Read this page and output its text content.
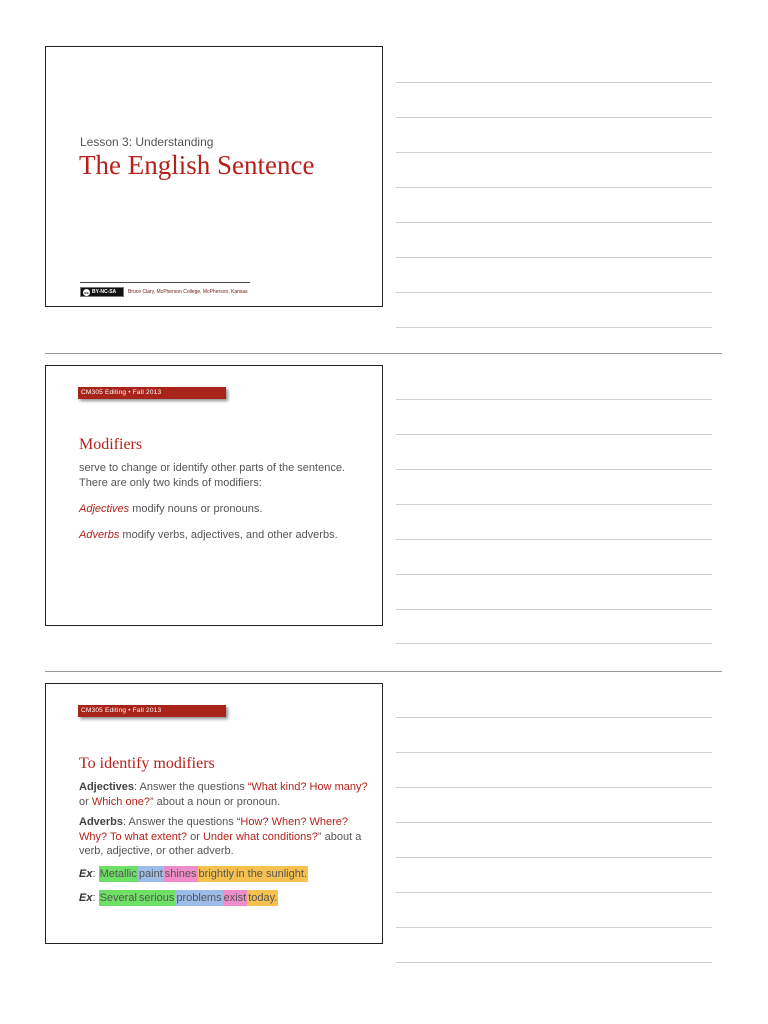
Lesson 3: Understanding
The English Sentence
cc BY-NC-SA Bruce Clary, McPherson College, McPherson, Kansas
CM305 Editing • Fall 2013
Modifiers

serve to change or identify other parts of the sentence. There are only two kinds of modifiers:

Adjectives modify nouns or pronouns.

Adverbs modify verbs, adjectives, and other adverbs.

CM305 Editing • Fall 2013
To identify modifiers

Adjectives: Answer the questions “What kind? How many? or Which one?” about a noun or pronoun.

Adverbs: Answer the questions “How? When? Where? Why? To what extent? or Under what conditions?” about a verb, adjective, or other adverb.

Ex: Metallic paint shines brightly in the sunlight.

Ex: Several serious problems exist today.
